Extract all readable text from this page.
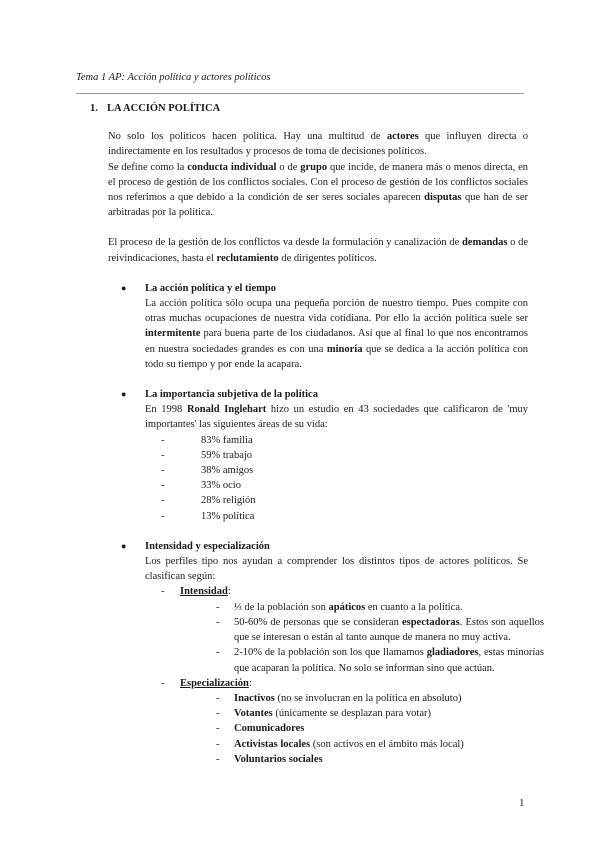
Tema 1 AP: Acción política y actores políticos
1. LA ACCIÓN POLÍTICA
No solo los políticos hacen política. Hay una multitud de actores que influyen directa o indirectamente en los resultados y procesos de toma de decisiones políticos.
Se define como la conducta individual o de grupo que incide, de manera más o menos directa, en el proceso de gestión de los conflictos sociales. Con el proceso de gestión de los conflictos sociales nos referimos a que debido a la condición de ser seres sociales aparecen disputas que han de ser arbitradas por la política.
El proceso de la gestión de los conflictos va desde la formulación y canalización de demandas o de reivindicaciones, hasta el reclutamiento de dirigentes políticos.
● La acción política y el tiempo
La acción política sólo ocupa una pequeña porción de nuestro tiempo. Pues compite con otras muchas ocupaciones de nuestra vida cotidiana. Por ello la acción política suele ser intermitente para buena parte de los ciudadanos. Así que al final lo que nos encontramos en nuestra sociedades grandes es con una minoría que se dedica a la acción política con todo su tiempo y por ende la acapara.
● La importancia subjetiva de la política
En 1998 Ronald Inglehart hizo un estudio en 43 sociedades que calificaron de 'muy importantes' las siguientes áreas de su vida:
-	83% familia
-	59% trabajo
-	38% amigos
-	33% ocio
-	28% religión
-	13% política
● Intensidad y especialización
Los perfiles tipo nos ayudan a comprender los distintos tipos de actores políticos. Se clasifican según:
- Intensidad:
- ⅓ de la población son apáticos en cuanto a la política.
- 50-60% de personas que se consideran espectadoras. Estos son aquellos que se interesan o están al tanto aunque de manera no muy activa.
- 2-10% de la población son los que llamamos gladiadores, estas minorías que acaparan la política. No solo se informan sino que actúan.
- Especialización:
- Inactivos (no se involucran en la política en absoluto)
- Votantes (únicamente se desplazan para votar)
- Comunicadores
- Activistas locales (son activos en el ámbito más local)
- Voluntarios sociales
1
